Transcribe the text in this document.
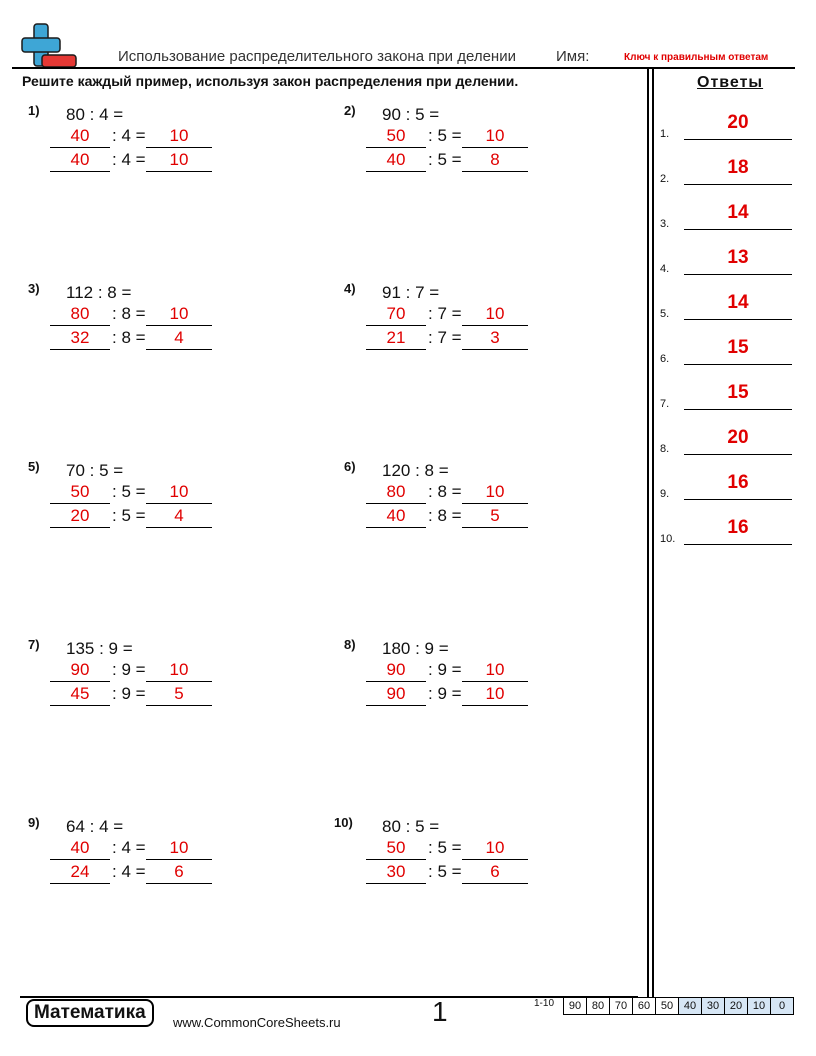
Использование распределительного закона при делении	Имя:	Ключ к правильным ответам
Решите каждый пример, используя закон распределения при делении.	Ответы
1) 80 : 4 =
40	: 4 =	10
40	: 4 =	10
2) 90 : 5 =
50	: 5 =	10
40	: 5 =	8
3) 112 : 8 =
80	: 8 =	10
32	: 8 =	4
4) 91 : 7 =
70	: 7 =	10
21	: 7 =	3
5) 70 : 5 =
50	: 5 =	10
20	: 5 =	4
6) 120 : 8 =
80	: 8 =	10
40	: 8 =	5
7) 135 : 9 =
90	: 9 =	10
45	: 9 =	5
8) 180 : 9 =
90	: 9 =	10
90	: 9 =	10
9) 64 : 4 =
40	: 4 =	10
24	: 4 =	6
10) 80 : 5 =
50	: 5 =	10
30	: 5 =	6
1.
20
2.
18
3.
14
4.
13
5.
14
6.
15
7.
15
8.
20
9.
16
10.
16
Математика	www.CommonCoreSheets.ru	1	1-10	90 80 70 60 50 40 30 20 10	0
